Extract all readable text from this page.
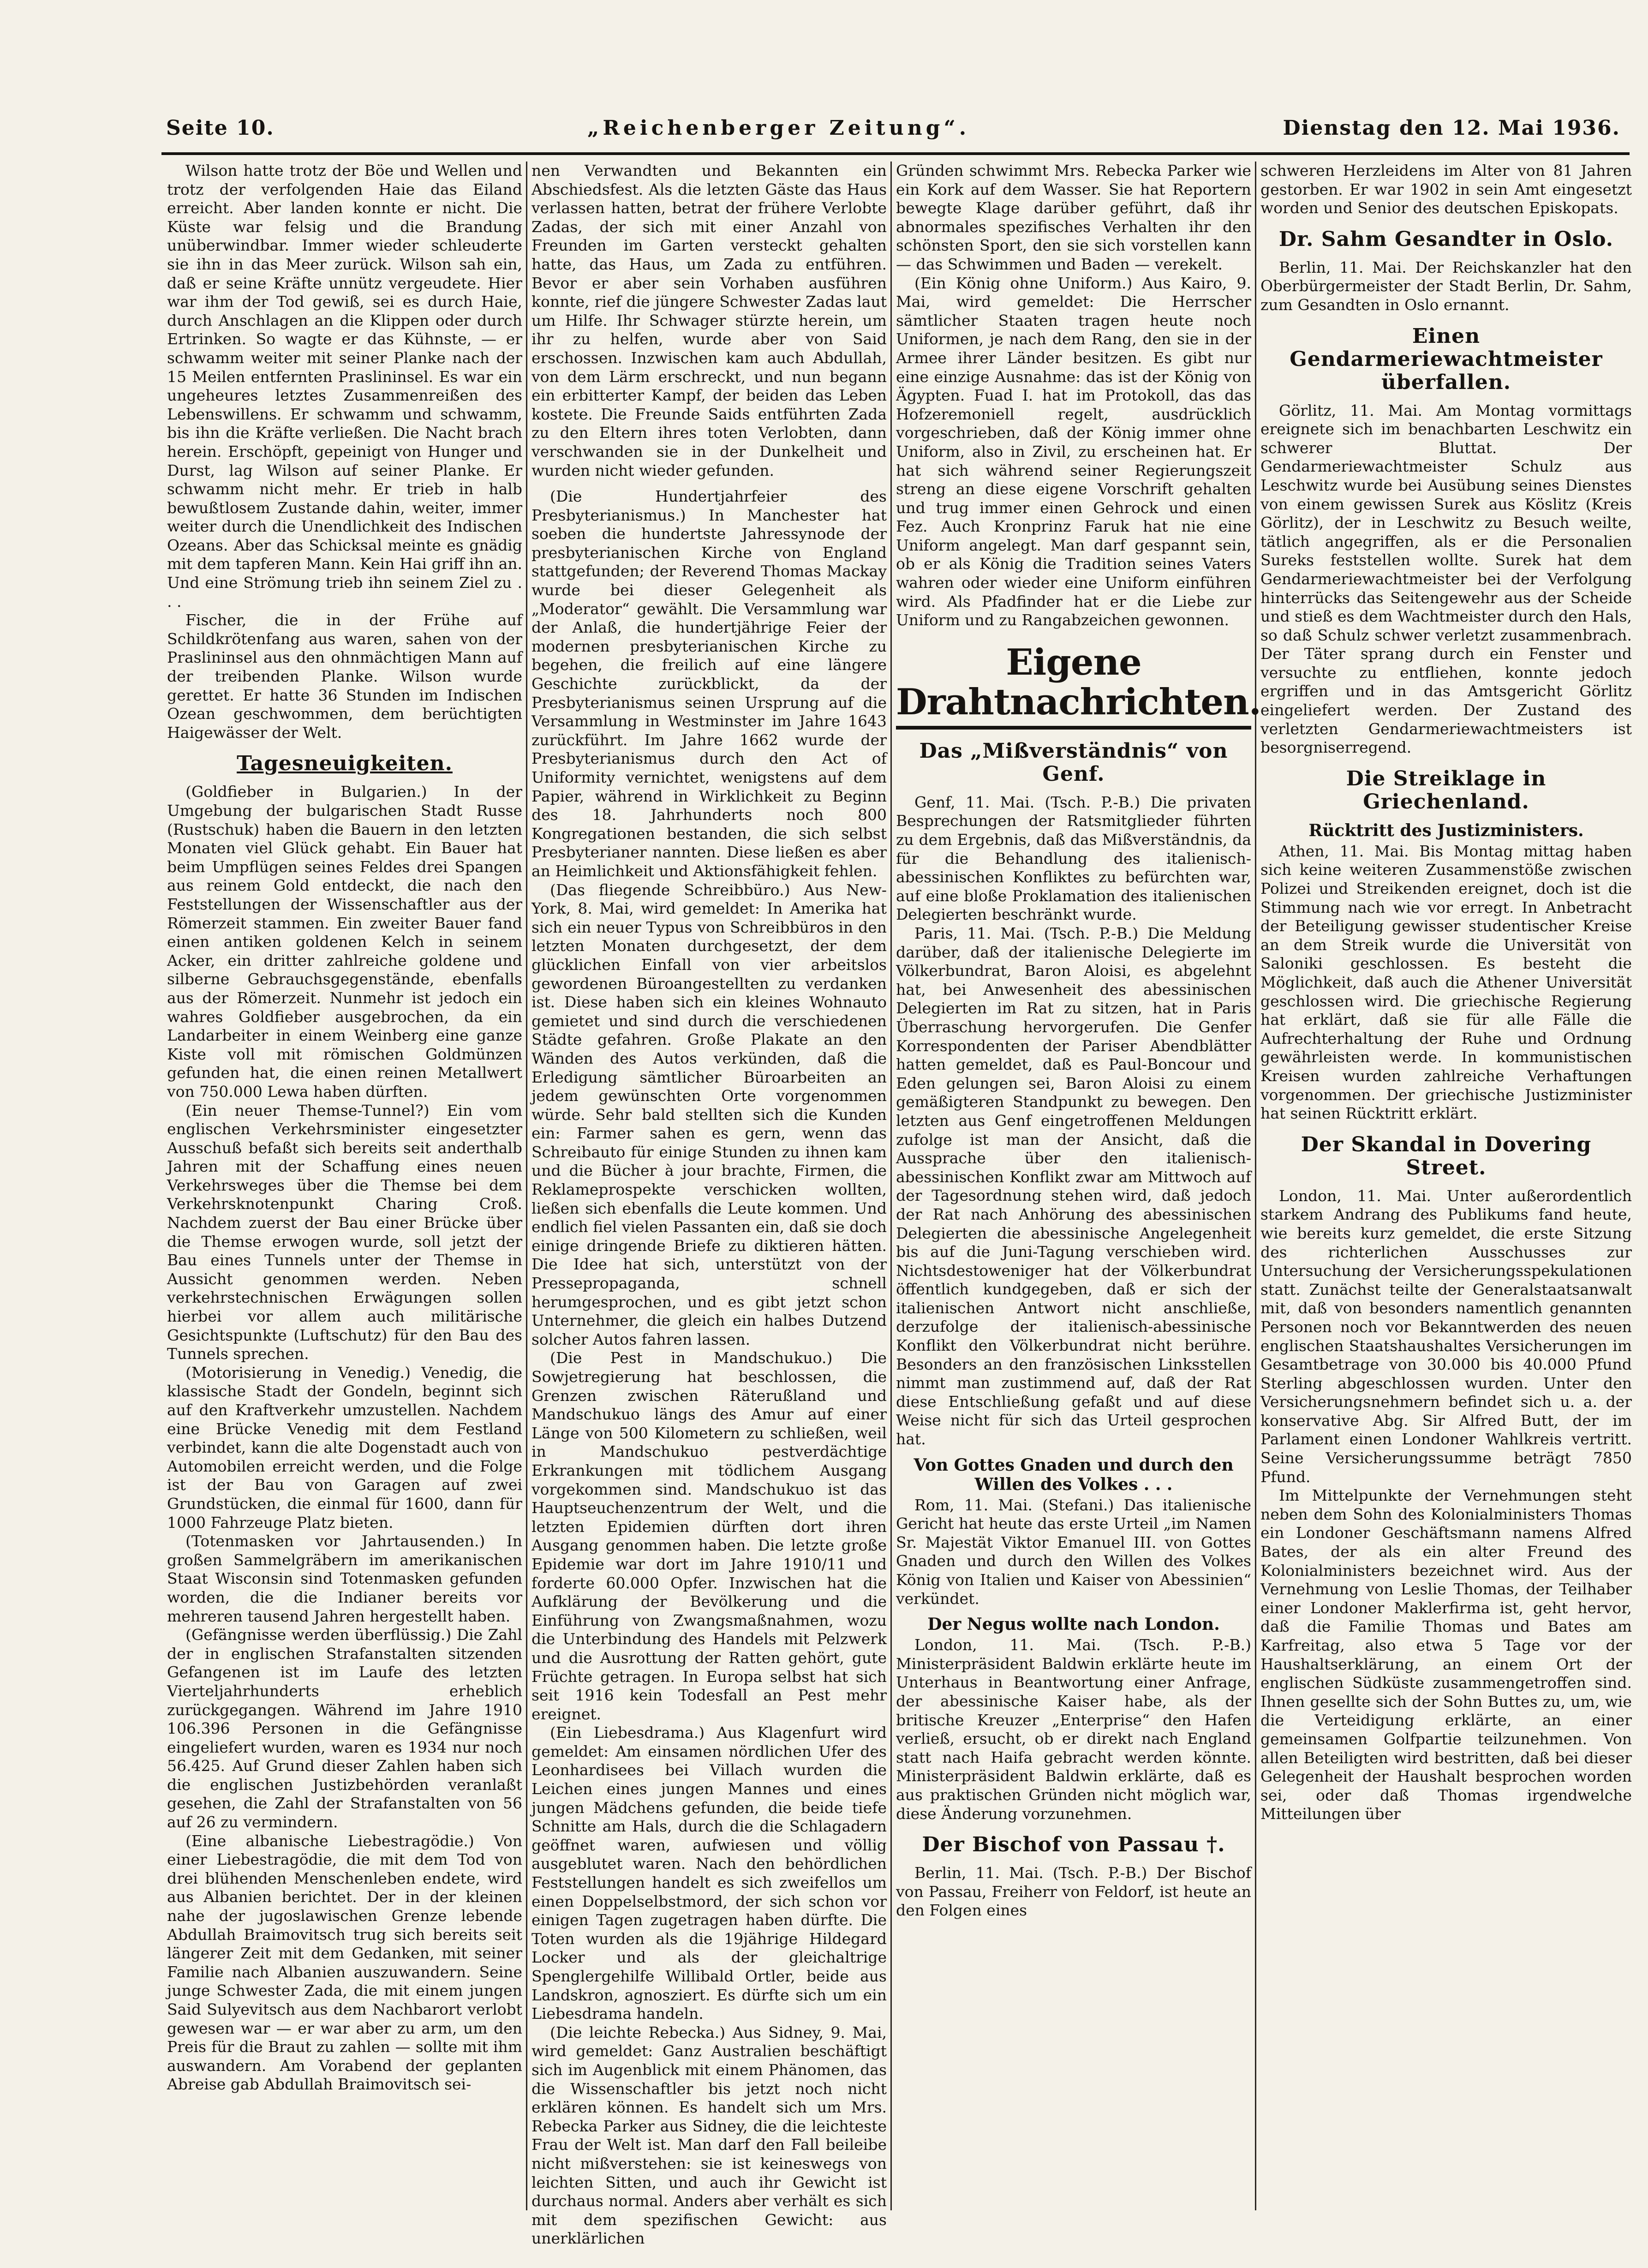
Seite 10.	„Reichenberger Zeitung“.	Dienstag den 12. Mai 1936.

Wilson hatte trotz der Böe und Wellen und trotz der verfolgenden Haie das Eiland erreicht. Aber landen konnte er nicht. Die Küste war felsig und die Brandung unüberwindbar. Immer wieder schleuderte sie ihn in das Meer zurück. Wilson sah ein, daß er seine Kräfte unnütz vergeudete. Hier war ihm der Tod gewiß, sei es durch Haie, durch Anschlagen an die Klippen oder durch Ertrinken. So wagte er das Kühnste, — er schwamm weiter mit seiner Planke nach der 15 Meilen entfernten Praslininsel. Es war ein ungeheures letztes Zusammenreißen des Lebenswillens. Er schwamm und schwamm, bis ihn die Kräfte verließen. Die Nacht brach herein. Erschöpft, gepeinigt von Hunger und Durst, lag Wilson auf seiner Planke. Er schwamm nicht mehr. Er trieb in halb bewußtlosem Zustande dahin, weiter, immer weiter durch die Unendlichkeit des Indischen Ozeans. Aber das Schicksal meinte es gnädig mit dem tapferen Mann. Kein Hai griff ihn an. Und eine Strömung trieb ihn seinem Ziel zu . . .

Fischer, die in der Frühe auf Schildkrötenfang aus waren, sahen von der Praslininsel aus den ohnmächtigen Mann auf der treibenden Planke. Wilson wurde gerettet. Er hatte 36 Stunden im Indischen Ozean geschwommen, dem berüchtigten Haigewässer der Welt.

Tagesneuigkeiten.

(Goldfieber in Bulgarien.) In der Umgebung der bulgarischen Stadt Russe (Rustschuk) haben die Bauern in den letzten Monaten viel Glück gehabt. Ein Bauer hat beim Umpflügen seines Feldes drei Spangen aus reinem Gold entdeckt, die nach den Feststellungen der Wissenschaftler aus der Römerzeit stammen. Ein zweiter Bauer fand einen antiken goldenen Kelch in seinem Acker, ein dritter zahlreiche goldene und silberne Gebrauchsgegenstände, ebenfalls aus der Römerzeit. Nunmehr ist jedoch ein wahres Goldfieber ausgebrochen, da ein Landarbeiter in einem Weinberg eine ganze Kiste voll mit römischen Goldmünzen gefunden hat, die einen reinen Metallwert von 750.000 Lewa haben dürften.

(Ein neuer Themse-Tunnel?) Ein vom englischen Verkehrsminister eingesetzter Ausschuß befaßt sich bereits seit anderthalb Jahren mit der Schaffung eines neuen Verkehrsweges über die Themse bei dem Verkehrsknotenpunkt Charing Croß. Nachdem zuerst der Bau einer Brücke über die Themse erwogen wurde, soll jetzt der Bau eines Tunnels unter der Themse in Aussicht genommen werden. Neben verkehrstechnischen Erwägungen sollen hierbei vor allem auch militärische Gesichtspunkte (Luftschutz) für den Bau des Tunnels sprechen.

(Motorisierung in Venedig.) Venedig, die klassische Stadt der Gondeln, beginnt sich auf den Kraftverkehr umzustellen. Nachdem eine Brücke Venedig mit dem Festland verbindet, kann die alte Dogenstadt auch von Automobilen erreicht werden, und die Folge ist der Bau von Garagen auf zwei Grundstücken, die einmal für 1600, dann für 1000 Fahrzeuge Platz bieten.

(Totenmasken vor Jahrtausenden.) In großen Sammelgräbern im amerikanischen Staat Wisconsin sind Totenmasken gefunden worden, die die Indianer bereits vor mehreren tausend Jahren hergestellt haben.

(Gefängnisse werden überflüssig.) Die Zahl der in englischen Strafanstalten sitzenden Gefangenen ist im Laufe des letzten Vierteljahrhunderts erheblich zurückgegangen. Während im Jahre 1910 106.396 Personen in die Gefängnisse eingeliefert wurden, waren es 1934 nur noch 56.425. Auf Grund dieser Zahlen haben sich die englischen Justizbehörden veranlaßt gesehen, die Zahl der Strafanstalten von 56 auf 26 zu vermindern.

(Eine albanische Liebestragödie.) Von einer Liebestragödie, die mit dem Tod von drei blühenden Menschenleben endete, wird aus Albanien berichtet. Der in der kleinen nahe der jugoslawischen Grenze lebende Abdullah Braimovitsch trug sich bereits seit längerer Zeit mit dem Gedanken, mit seiner Familie nach Albanien auszuwandern. Seine junge Schwester Zada, die mit einem jungen Said Sulyevitsch aus dem Nachbarort verlobt gewesen war — er war aber zu arm, um den Preis für die Braut zu zahlen — sollte mit ihm auswandern. Am Vorabend der geplanten Abreise gab Abdullah Braimovitsch sei-

nen Verwandten und Bekannten ein Abschiedsfest. Als die letzten Gäste das Haus verlassen hatten, betrat der frühere Verlobte Zadas, der sich mit einer Anzahl von Freunden im Garten versteckt gehalten hatte, das Haus, um Zada zu entführen. Bevor er aber sein Vorhaben ausführen konnte, rief die jüngere Schwester Zadas laut um Hilfe. Ihr Schwager stürzte herein, um ihr zu helfen, wurde aber von Said erschossen. Inzwischen kam auch Abdullah, von dem Lärm erschreckt, und nun begann ein erbitterter Kampf, der beiden das Leben kostete. Die Freunde Saids entführten Zada zu den Eltern ihres toten Verlobten, dann verschwanden sie in der Dunkelheit und wurden nicht wieder gefunden.

(Die Hundertjahrfeier des Presbyterianismus.) In Manchester hat soeben die hundertste Jahressynode der presbyterianischen Kirche von England stattgefunden; der Reverend Thomas Mackay wurde bei dieser Gelegenheit als „Moderator“ gewählt. Die Versammlung war der Anlaß, die hundertjährige Feier der modernen presbyterianischen Kirche zu begehen, die freilich auf eine längere Geschichte zurückblickt, da der Presbyterianismus seinen Ursprung auf die Versammlung in Westminster im Jahre 1643 zurückführt. Im Jahre 1662 wurde der Presbyterianismus durch den Act of Uniformity vernichtet, wenigstens auf dem Papier, während in Wirklichkeit zu Beginn des 18. Jahrhunderts noch 800 Kongregationen bestanden, die sich selbst Presbyterianer nannten. Diese ließen es aber an Heimlichkeit und Aktionsfähigkeit fehlen.

(Das fliegende Schreibbüro.) Aus New-York, 8. Mai, wird gemeldet: In Amerika hat sich ein neuer Typus von Schreibbüros in den letzten Monaten durchgesetzt, der dem glücklichen Einfall von vier arbeitslos gewordenen Büroangestellten zu verdanken ist. Diese haben sich ein kleines Wohnauto gemietet und sind durch die verschiedenen Städte gefahren. Große Plakate an den Wänden des Autos verkünden, daß die Erledigung sämtlicher Büroarbeiten an jedem gewünschten Orte vorgenommen würde. Sehr bald stellten sich die Kunden ein: Farmer sahen es gern, wenn das Schreibauto für einige Stunden zu ihnen kam und die Bücher à jour brachte, Firmen, die Reklameprospekte verschicken wollten, ließen sich ebenfalls die Leute kommen. Und endlich fiel vielen Passanten ein, daß sie doch einige dringende Briefe zu diktieren hätten. Die Idee hat sich, unterstützt von der Pressepropaganda, schnell herumgesprochen, und es gibt jetzt schon Unternehmer, die gleich ein halbes Dutzend solcher Autos fahren lassen.

(Die Pest in Mandschukuo.) Die Sowjetregierung hat beschlossen, die Grenzen zwischen Räterußland und Mandschukuo längs des Amur auf einer Länge von 500 Kilometern zu schließen, weil in Mandschukuo pestverdächtige Erkrankungen mit tödlichem Ausgang vorgekommen sind. Mandschukuo ist das Hauptseuchenzentrum der Welt, und die letzten Epidemien dürften dort ihren Ausgang genommen haben. Die letzte große Epidemie war dort im Jahre 1910/11 und forderte 60.000 Opfer. Inzwischen hat die Aufklärung der Bevölkerung und die Einführung von Zwangsmaßnahmen, wozu die Unterbindung des Handels mit Pelzwerk und die Ausrottung der Ratten gehört, gute Früchte getragen. In Europa selbst hat sich seit 1916 kein Todesfall an Pest mehr ereignet.

(Ein Liebesdrama.) Aus Klagenfurt wird gemeldet: Am einsamen nördlichen Ufer des Leonhardisees bei Villach wurden die Leichen eines jungen Mannes und eines jungen Mädchens gefunden, die beide tiefe Schnitte am Hals, durch die die Schlagadern geöffnet waren, aufwiesen und völlig ausgeblutet waren. Nach den behördlichen Feststellungen handelt es sich zweifellos um einen Doppelselbstmord, der sich schon vor einigen Tagen zugetragen haben dürfte. Die Toten wurden als die 19jährige Hildegard Locker und als der gleichaltrige Spenglergehilfe Willibald Ortler, beide aus Landskron, agnosziert. Es dürfte sich um ein Liebesdrama handeln.

(Die leichte Rebecka.) Aus Sidney, 9. Mai, wird gemeldet: Ganz Australien beschäftigt sich im Augenblick mit einem Phänomen, das die Wissenschaftler bis jetzt noch nicht erklären können. Es handelt sich um Mrs. Rebecka Parker aus Sidney, die die leichteste Frau der Welt ist. Man darf den Fall beileibe nicht mißverstehen: sie ist keineswegs von leichten Sitten, und auch ihr Gewicht ist durchaus normal. Anders aber verhält es sich mit dem spezifischen Gewicht: aus unerklärlichen

Gründen schwimmt Mrs. Rebecka Parker wie ein Kork auf dem Wasser. Sie hat Reportern bewegte Klage darüber geführt, daß ihr abnormales spezifisches Verhalten ihr den schönsten Sport, den sie sich vorstellen kann — das Schwimmen und Baden — verekelt.

(Ein König ohne Uniform.) Aus Kairo, 9. Mai, wird gemeldet: Die Herrscher sämtlicher Staaten tragen heute noch Uniformen, je nach dem Rang, den sie in der Armee ihrer Länder besitzen. Es gibt nur eine einzige Ausnahme: das ist der König von Ägypten. Fuad I. hat im Protokoll, das das Hofzeremoniell regelt, ausdrücklich vorgeschrieben, daß der König immer ohne Uniform, also in Zivil, zu erscheinen hat. Er hat sich während seiner Regierungszeit streng an diese eigene Vorschrift gehalten und trug immer einen Gehrock und einen Fez. Auch Kronprinz Faruk hat nie eine Uniform angelegt. Man darf gespannt sein, ob er als König die Tradition seines Vaters wahren oder wieder eine Uniform einführen wird. Als Pfadfinder hat er die Liebe zur Uniform und zu Rangabzeichen gewonnen.

Eigene Drahtnachrichten.
Das „Mißverständnis“ von Genf.

Genf, 11. Mai. (Tsch. P.-B.) Die privaten Besprechungen der Ratsmitglieder führten zu dem Ergebnis, daß das Mißverständnis, da für die Behandlung des italienisch-abessinischen Konfliktes zu befürchten war, auf eine bloße Proklamation des italienischen Delegierten beschränkt wurde.

Paris, 11. Mai. (Tsch. P.-B.) Die Meldung darüber, daß der italienische Delegierte im Völkerbundrat, Baron Aloisi, es abgelehnt hat, bei Anwesenheit des abessinischen Delegierten im Rat zu sitzen, hat in Paris Überraschung hervorgerufen. Die Genfer Korrespondenten der Pariser Abendblätter hatten gemeldet, daß es Paul-Boncour und Eden gelungen sei, Baron Aloisi zu einem gemäßigteren Standpunkt zu bewegen. Den letzten aus Genf eingetroffenen Meldungen zufolge ist man der Ansicht, daß die Aussprache über den italienisch-abessinischen Konflikt zwar am Mittwoch auf der Tagesordnung stehen wird, daß jedoch der Rat nach Anhörung des abessinischen Delegierten die abessinische Angelegenheit bis auf die Juni-Tagung verschieben wird. Nichtsdestoweniger hat der Völkerbundrat öffentlich kundgegeben, daß er sich der italienischen Antwort nicht anschließe, derzufolge der italienisch-abessinische Konflikt den Völkerbundrat nicht berühre. Besonders an den französischen Linksstellen nimmt man zustimmend auf, daß der Rat diese Entschließung gefaßt und auf diese Weise nicht für sich das Urteil gesprochen hat.

Von Gottes Gnaden und durch den Willen des Volkes . . .

Rom, 11. Mai. (Stefani.) Das italienische Gericht hat heute das erste Urteil „im Namen Sr. Majestät Viktor Emanuel III. von Gottes Gnaden und durch den Willen des Volkes König von Italien und Kaiser von Abessinien“ verkündet.

Der Negus wollte nach London.

London, 11. Mai. (Tsch. P.-B.) Ministerpräsident Baldwin erklärte heute im Unterhaus in Beantwortung einer Anfrage, der abessinische Kaiser habe, als der britische Kreuzer „Enterprise“ den Hafen verließ, ersucht, ob er direkt nach England statt nach Haifa gebracht werden könnte. Ministerpräsident Baldwin erklärte, daß es aus praktischen Gründen nicht möglich war, diese Änderung vorzunehmen.

Der Bischof von Passau †.

Berlin, 11. Mai. (Tsch. P.-B.) Der Bischof von Passau, Freiherr von Feldorf, ist heute an den Folgen eines

schweren Herzleidens im Alter von 81 Jahren gestorben. Er war 1902 in sein Amt eingesetzt worden und Senior des deutschen Episkopats.

Dr. Sahm Gesandter in Oslo.

Berlin, 11. Mai. Der Reichskanzler hat den Oberbürgermeister der Stadt Berlin, Dr. Sahm, zum Gesandten in Oslo ernannt.

Einen Gendarmeriewachtmeister überfallen.

Görlitz, 11. Mai. Am Montag vormittags ereignete sich im benachbarten Leschwitz ein schwerer Bluttat. Der Gendarmeriewachtmeister Schulz aus Leschwitz wurde bei Ausübung seines Dienstes von einem gewissen Surek aus Köslitz (Kreis Görlitz), der in Leschwitz zu Besuch weilte, tätlich angegriffen, als er die Personalien Sureks feststellen wollte. Surek hat dem Gendarmeriewachtmeister bei der Verfolgung hinterrücks das Seitengewehr aus der Scheide und stieß es dem Wachtmeister durch den Hals, so daß Schulz schwer verletzt zusammenbrach. Der Täter sprang durch ein Fenster und versuchte zu entfliehen, konnte jedoch ergriffen und in das Amtsgericht Görlitz eingeliefert werden. Der Zustand des verletzten Gendarmeriewachtmeisters ist besorgniserregend.

Die Streiklage in Griechenland.
Rücktritt des Justizministers.

Athen, 11. Mai. Bis Montag mittag haben sich keine weiteren Zusammenstöße zwischen Polizei und Streikenden ereignet, doch ist die Stimmung nach wie vor erregt. In Anbetracht der Beteiligung gewisser studentischer Kreise an dem Streik wurde die Universität von Saloniki geschlossen. Es besteht die Möglichkeit, daß auch die Athener Universität geschlossen wird. Die griechische Regierung hat erklärt, daß sie für alle Fälle die Aufrechterhaltung der Ruhe und Ordnung gewährleisten werde. In kommunistischen Kreisen wurden zahlreiche Verhaftungen vorgenommen. Der griechische Justizminister hat seinen Rücktritt erklärt.

Der Skandal in Dovering Street.

London, 11. Mai. Unter außerordentlich starkem Andrang des Publikums fand heute, wie bereits kurz gemeldet, die erste Sitzung des richterlichen Ausschusses zur Untersuchung der Versicherungsspekulationen statt. Zunächst teilte der Generalstaatsanwalt mit, daß von besonders namentlich genannten Personen noch vor Bekanntwerden des neuen englischen Staatshaushaltes Versicherungen im Gesamtbetrage von 30.000 bis 40.000 Pfund Sterling abgeschlossen wurden. Unter den Versicherungsnehmern befindet sich u. a. der konservative Abg. Sir Alfred Butt, der im Parlament einen Londoner Wahlkreis vertritt. Seine Versicherungssumme beträgt 7850 Pfund.

Im Mittelpunkte der Vernehmungen steht neben dem Sohn des Kolonialministers Thomas ein Londoner Geschäftsmann namens Alfred Bates, der als ein alter Freund des Kolonialministers bezeichnet wird. Aus der Vernehmung von Leslie Thomas, der Teilhaber einer Londoner Maklerfirma ist, geht hervor, daß die Familie Thomas und Bates am Karfreitag, also etwa 5 Tage vor der Haushaltserklärung, an einem Ort der englischen Südküste zusammengetroffen sind. Ihnen gesellte sich der Sohn Buttes zu, um, wie die Verteidigung erklärte, an einer gemeinsamen Golfpartie teilzunehmen. Von allen Beteiligten wird bestritten, daß bei dieser Gelegenheit der Haushalt besprochen worden sei, oder daß Thomas irgendwelche Mitteilungen über
